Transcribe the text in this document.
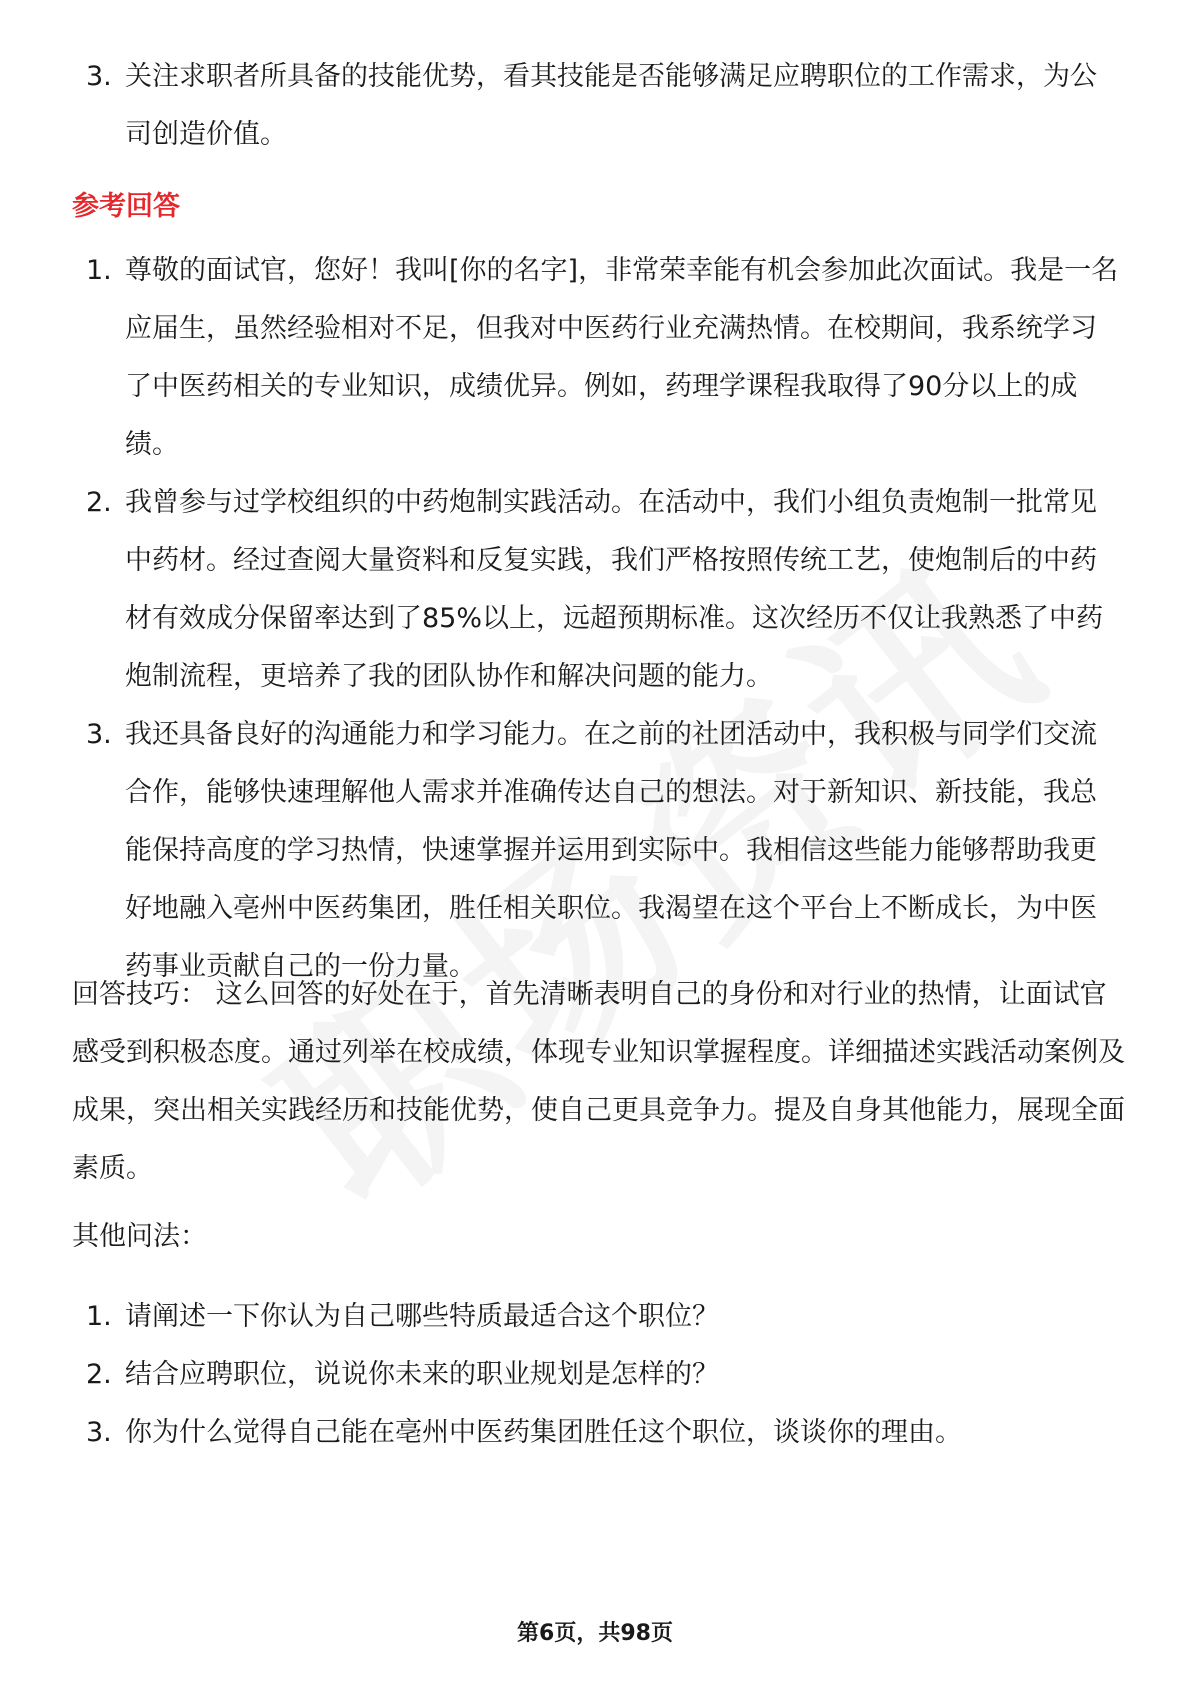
3. 关注求职者所具备的技能优势，看其技能是否能够满足应聘职位的工作需求，为公司创造价值。
参考回答
1. 尊敬的面试官，您好！我叫[你的名字]，非常荣幸能有机会参加此次面试。我是一名应届生，虽然经验相对不足，但我对中医药行业充满热情。在校期间，我系统学习了中医药相关的专业知识，成绩优异。例如，药理学课程我取得了90分以上的成绩。
2. 我曾参与过学校组织的中药炮制实践活动。在活动中，我们小组负责炮制一批常见中药材。经过查阅大量资料和反复实践，我们严格按照传统工艺，使炮制后的中药材有效成分保留率达到了85%以上，远超预期标准。这次经历不仅让我熟悉了中药炮制流程，更培养了我的团队协作和解决问题的能力。
3. 我还具备良好的沟通能力和学习能力。在之前的社团活动中，我积极与同学们交流合作，能够快速理解他人需求并准确传达自己的想法。对于新知识、新技能，我总能保持高度的学习热情，快速掌握并运用到实际中。我相信这些能力能够帮助我更好地融入亳州中医药集团，胜任相关职位。我渴望在这个平台上不断成长，为中医药事业贡献自己的一份力量。

回答技巧： 这么回答的好处在于，首先清晰表明自己的身份和对行业的热情，让面试官感受到积极态度。通过列举在校成绩，体现专业知识掌握程度。详细描述实践活动案例及成果，突出相关实践经历和技能优势，使自己更具竞争力。提及自身其他能力，展现全面素质。

其他问法：

1. 请阐述一下你认为自己哪些特质最适合这个职位？
2. 结合应聘职位，说说你未来的职业规划是怎样的？
3. 你为什么觉得自己能在亳州中医药集团胜任这个职位，谈谈你的理由。
第6页，共98页
